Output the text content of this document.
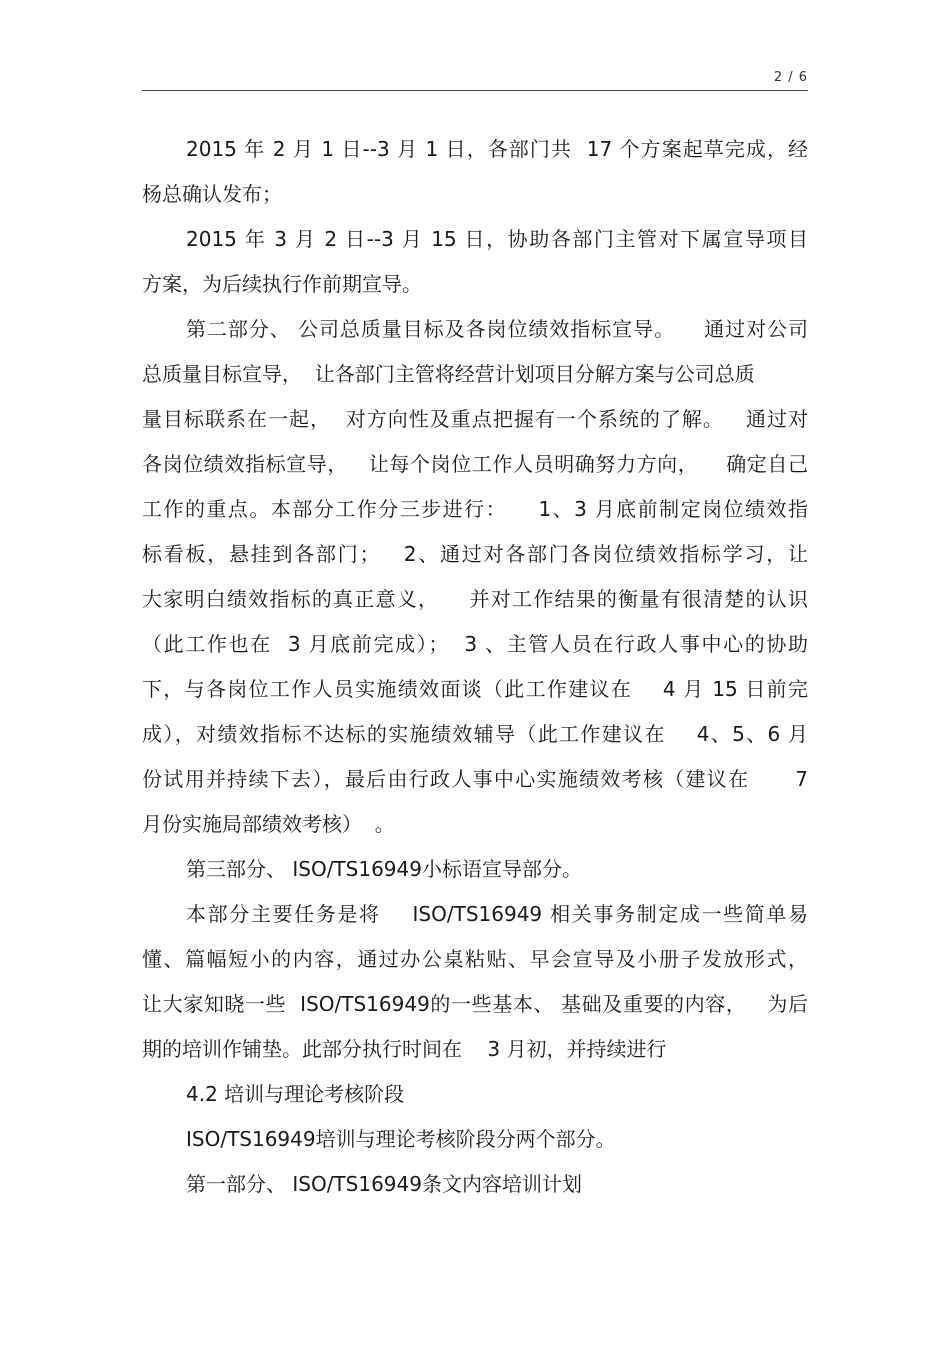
2 / 6
2015 年 2 月 1 日--3 月 1 日，各部门共  17 个方案起草完成，经
杨总确认发布；
2015 年 3 月 2 日--3 月 15 日，协助各部门主管对下属宣导项目
方案，为后续执行作前期宣导。
第二部分、 公司总质量目标及各岗位绩效指标宣导。    通过对公司
总质量目标宣导，  让各部门主管将经营计划项目分解方案与公司总质
量目标联系在一起，  对方向性及重点把握有一个系统的了解。   通过对
各岗位绩效指标宣导，   让每个岗位工作人员明确努力方向，    确定自己
工作的重点。本部分工作分三步进行：    1、3 月底前制定岗位绩效指
标看板，悬挂到各部门；   2、通过对各部门各岗位绩效指标学习，让
大家明白绩效指标的真正意义，    并对工作结果的衡量有很清楚的认识
（此工作也在  3 月底前完成）；  3 、主管人员在行政人事中心的协助
下，与各岗位工作人员实施绩效面谈（此工作建议在    4 月 15 日前完
成），对绩效指标不达标的实施绩效辅导（此工作建议在    4、5、6 月
份试用并持续下去），最后由行政人事中心实施绩效考核（建议在      7
月份实施局部绩效考核）  。
第三部分、 ISO/TS16949小标语宣导部分。
本部分主要任务是将    ISO/TS16949 相关事务制定成一些简单易
懂、篇幅短小的内容，通过办公桌粘贴、早会宣导及小册子发放形式，
让大家知晓一些  ISO/TS16949的一些基本、 基础及重要的内容，   为后
期的培训作铺垫。此部分执行时间在    3 月初，并持续进行
4.2 培训与理论考核阶段
ISO/TS16949培训与理论考核阶段分两个部分。
第一部分、 ISO/TS16949条文内容培训计划
